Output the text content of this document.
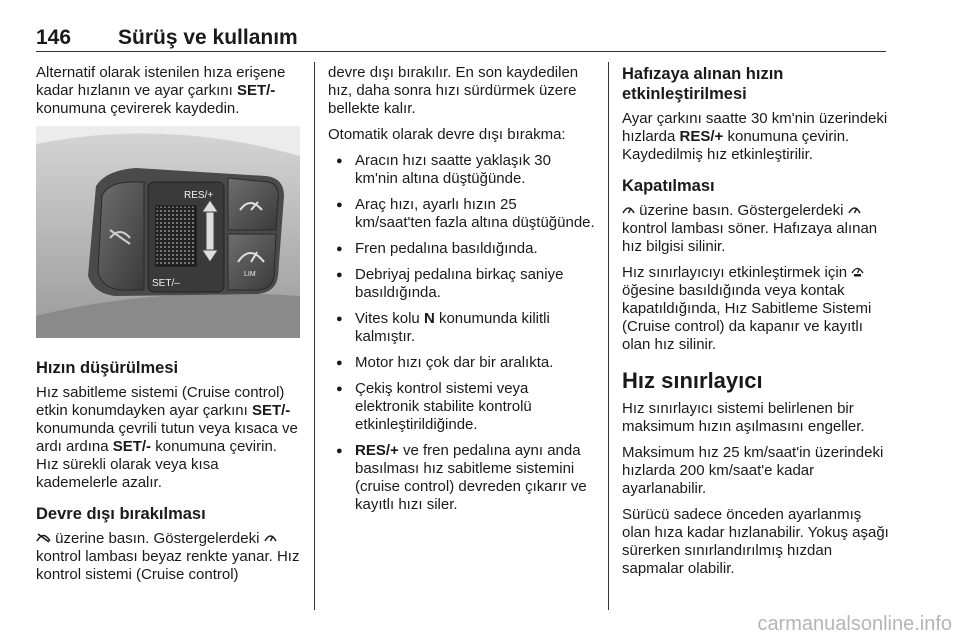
146 Sürüş ve kullanım

Alternatif olarak istenilen hıza erişene kadar hızlanın ve ayar çarkını SET/- konumuna çevirerek kaydedin.

RES/+
SET/–
LIM
Hızın düşürülmesi

Hız sabitleme sistemi (Cruise control) etkin konumdayken ayar çarkını SET/- konumunda çevrili tutun veya kısaca ve ardı ardına SET/- konumuna çevirin. Hız sürekli olarak veya kısa kademelerle azalır.

Devre dışı bırakılması

üzerine basın. Göstergelerdeki  kontrol lambası beyaz renkte yanar. Hız kontrol sistemi (Cruise control)

devre dışı bırakılır. En son kaydedilen hız, daha sonra hızı sürdürmek üzere bellekte kalır.

Otomatik olarak devre dışı bırakma:

● Aracın hızı saatte yaklaşık 30 km'nin altına düştüğünde.
● Araç hızı, ayarlı hızın 25 km/saat'ten fazla altına düştüğünde.
● Fren pedalına basıldığında.
● Debriyaj pedalına birkaç saniye basıldığında.
● Vites kolu N konumunda kilitli kalmıştır.
● Motor hızı çok dar bir aralıkta.
● Çekiş kontrol sistemi veya elektronik stabilite kontrolü etkinleştirildiğinde.
● RES/+ ve fren pedalına aynı anda basılması hız sabitleme sistemini (cruise control) devreden çıkarır ve kayıtlı hızı siler.
Hafızaya alınan hızın etkinleştirilmesi

Ayar çarkını saatte 30 km'nin üzerindeki hızlarda RES/+ konumuna çevirin. Kaydedilmiş hız etkinleştirilir.

Kapatılması

üzerine basın. Göstergelerdeki  kontrol lambası söner. Hafızaya alınan hız bilgisi silinir.

Hız sınırlayıcıyı etkinleştirmek için  öğesine basıldığında veya kontak kapatıldığında, Hız Sabitleme Sistemi (Cruise control) da kapanır ve kayıtlı olan hız silinir.

Hız sınırlayıcı

Hız sınırlayıcı sistemi belirlenen bir maksimum hızın aşılmasını engeller.

Maksimum hız 25 km/saat'in üzerindeki hızlarda 200 km/saat'e kadar ayarlanabilir.

Sürücü sadece önceden ayarlanmış olan hıza kadar hızlanabilir. Yokuş aşağı sürerken sınırlandırılmış hızdan sapmalar olabilir.

carmanualsonline.info
